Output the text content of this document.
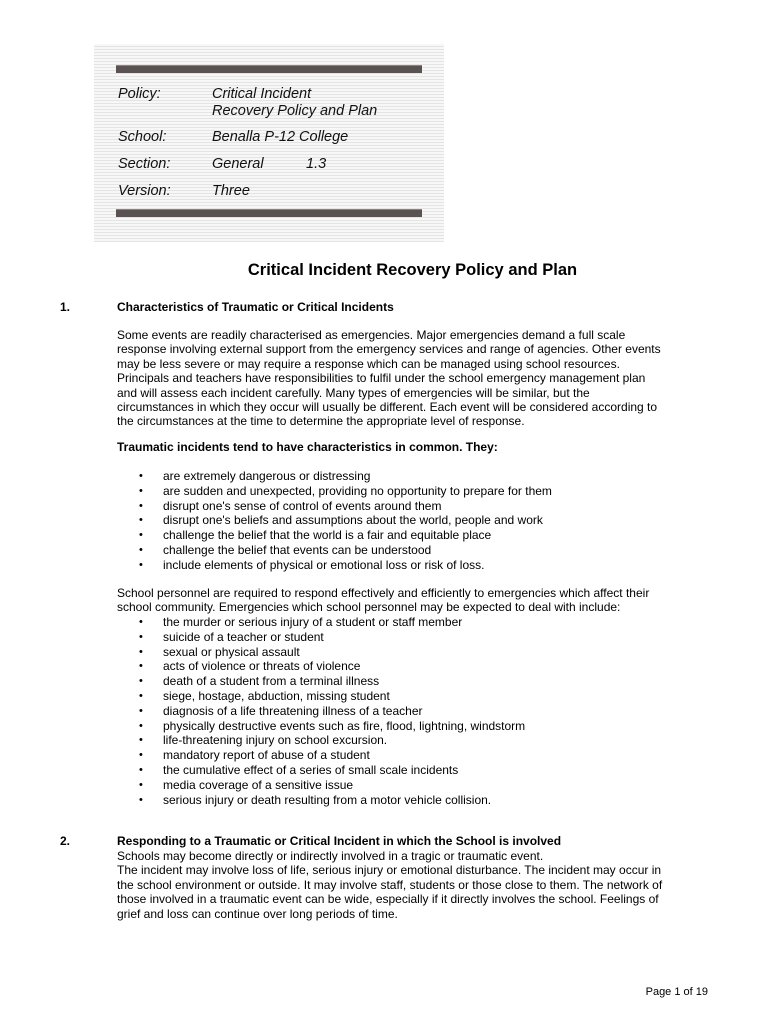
Policy:	Critical Incident
Recovery Policy and Plan
School:	Benalla P-12 College
Section:	General	1.3
Version:	Three
Critical Incident Recovery Policy and Plan
1.	Characteristics of Traumatic or Critical Incidents
Some events are readily characterised as emergencies. Major emergencies demand a full scale
response involving external support from the emergency services and range of agencies. Other events
may be less severe or may require a response which can be managed using school resources.
Principals and teachers have responsibilities to fulfil under the school emergency management plan
and will assess each incident carefully. Many types of emergencies will be similar, but the
circumstances in which they occur will usually be different. Each event will be considered according to
the circumstances at the time to determine the appropriate level of response.
Traumatic incidents tend to have characteristics in common. They:
• are extremely dangerous or distressing
• are sudden and unexpected, providing no opportunity to prepare for them
• disrupt one's sense of control of events around them
• disrupt one's beliefs and assumptions about the world, people and work
• challenge the belief that the world is a fair and equitable place
• challenge the belief that events can be understood
• include elements of physical or emotional loss or risk of loss.
School personnel are required to respond effectively and efficiently to emergencies which affect their
school community. Emergencies which school personnel may be expected to deal with include:
• the murder or serious injury of a student or staff member
• suicide of a teacher or student
• sexual or physical assault
• acts of violence or threats of violence
• death of a student from a terminal illness
• siege, hostage, abduction, missing student
• diagnosis of a life threatening illness of a teacher
• physically destructive events such as fire, flood, lightning, windstorm
• life-threatening injury on school excursion.
• mandatory report of abuse of a student
• the cumulative effect of a series of small scale incidents
• media coverage of a sensitive issue
• serious injury or death resulting from a motor vehicle collision.
2.	Responding to a Traumatic or Critical Incident in which the School is involved
Schools may become directly or indirectly involved in a tragic or traumatic event.
The incident may involve loss of life, serious injury or emotional disturbance. The incident may occur in
the school environment or outside. It may involve staff, students or those close to them. The network of
those involved in a traumatic event can be wide, especially if it directly involves the school. Feelings of
grief and loss can continue over long periods of time.
Page 1 of 19
